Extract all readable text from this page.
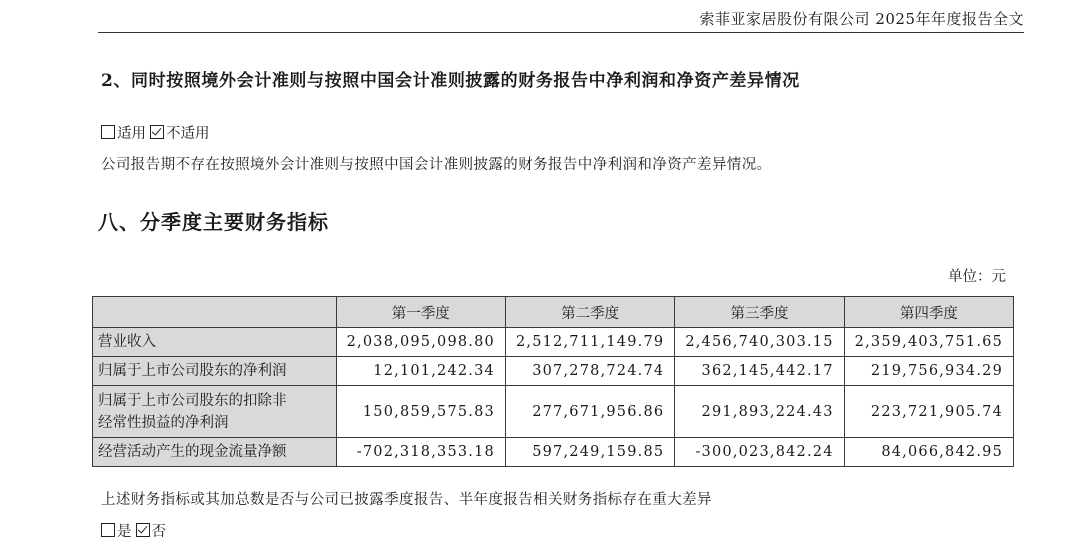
索菲亚家居股份有限公司 2025年年度报告全文
2、同时按照境外会计准则与按照中国会计准则披露的财务报告中净利润和净资产差异情况
适用 不适用
公司报告期不存在按照境外会计准则与按照中国会计准则披露的财务报告中净利润和净资产差异情况。
八、分季度主要财务指标
单位：元
	第一季度	第二季度	第三季度	第四季度
营业收入	2,038,095,098.80	2,512,711,149.79	2,456,740,303.15	2,359,403,751.65
归属于上市公司股东的净利润	12,101,242.34	307,278,724.74	362,145,442.17	219,756,934.29

归属于上市公司股东的扣除非
经常性损益的净利润	150,859,575.83	277,671,956.86	291,893,224.43	223,721,905.74
经营活动产生的现金流量净额	-702,318,353.18	597,249,159.85	-300,023,842.24	84,066,842.95
上述财务指标或其加总数是否与公司已披露季度报告、半年度报告相关财务指标存在重大差异
是 否
